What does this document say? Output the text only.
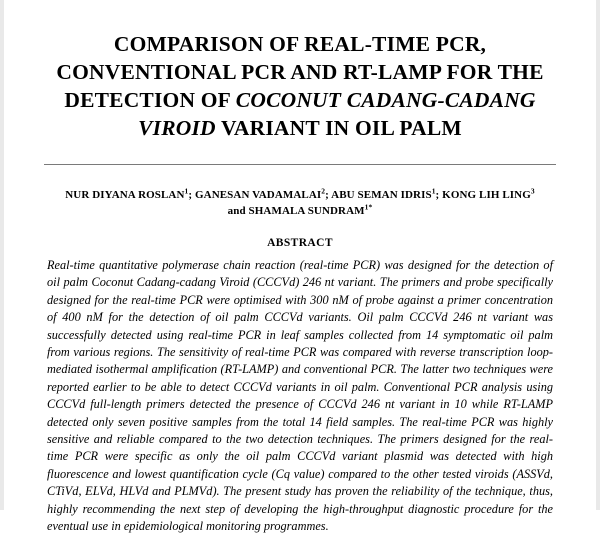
COMPARISON OF REAL-TIME PCR,
CONVENTIONAL PCR AND RT-LAMP FOR THE
DETECTION OF COCONUT CADANG-CADANG
VIROID VARIANT IN OIL PALM
NUR DIYANA ROSLAN$^1$; GANESAN VADAMALAI$^2$; ABU SEMAN IDRIS$^1$; KONG LIH LING$^3$
and SHAMALA $SUNDRAM^{1*}$
ABSTRACT
Real-time quantitative polymerase chain reaction (real-time PCR) was designed for the detection of oil palm Coconut Cadang-cadang Viroid (CCCVd) 246 nt variant. The primers and probe specifically designed for the real-time PCR were optimised with 300 nM of probe against a primer concentration of 400 nM for the detection of oil palm CCCVd variants. Oil palm CCCVd 246 nt variant was successfully detected using real-time PCR in leaf samples collected from 14 symptomatic oil palm from various regions. The sensitivity of real-time PCR was compared with reverse transcription loop-mediated isothermal amplification (RT-LAMP) and conventional PCR. The latter two techniques were reported earlier to be able to detect CCCVd variants in oil palm. Conventional PCR analysis using CCCVd full-length primers detected the presence of CCCVd 246 nt variant in 10 while RT-LAMP detected only seven positive samples from the total 14 field samples. The real-time PCR was highly sensitive and reliable compared to the two detection techniques. The primers designed for the real-time PCR were specific as only the oil palm CCCVd variant plasmid was detected with high fluorescence and lowest quantification cycle (Cq value) compared to the other tested viroids (ASSVd, CTiVd, ELVd, HLVd and PLMVd). The present study has proven the reliability of the technique, thus, highly recommending the next step of developing the high-throughput diagnostic procedure for the eventual use in epidemiological monitoring programmes.
